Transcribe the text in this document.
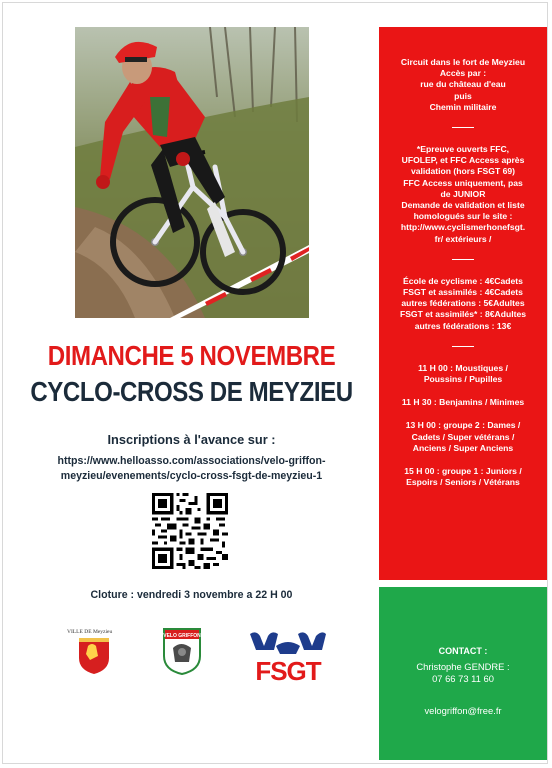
Circuit dans le fort de Meyzieu
Accès par :
rue du château d'eau
puis
Chemin militaire
*Epreuve ouverts FFC,
UFOLEP, et FFC Access après
validation (hors FSGT 69)
FFC Access uniquement, pas
de JUNIOR
Demande de validation et liste
homologués sur le site :
http://www.cyclismerhonefsgt.
fr/ extérieurs /
École de cyclisme : 4€Cadets
FSGT et assimilés : 4€Cadets
autres fédérations : 5€Adultes
FSGT et assimilés* : 8€Adultes
autres fédérations : 13€
11 H 00 : Moustiques /
Poussins / Pupilles
11 H 30 : Benjamins / Minimes
13 H 00 : groupe 2 : Dames /
Cadets / Super vétérans /
Anciens / Super Anciens
15 H 00 : groupe 1 : Juniors /
Espoirs / Seniors / Vétérans
CONTACT :
Christophe GENDRE :
07 66 73 11 60
velogriffon@free.fr
DIMANCHE 5 NOVEMBRE
CYCLO-CROSS DE MEYZIEU
Inscriptions à l'avance sur :
https://www.helloasso.com/associations/velo-griffon-
meyzieu/evenements/cyclo-cross-fsgt-de-meyzieu-1
Cloture : vendredi 3 novembre a 22 H 00
VILLE DE Meyzieu
VELO GRIFFON
FSGT
